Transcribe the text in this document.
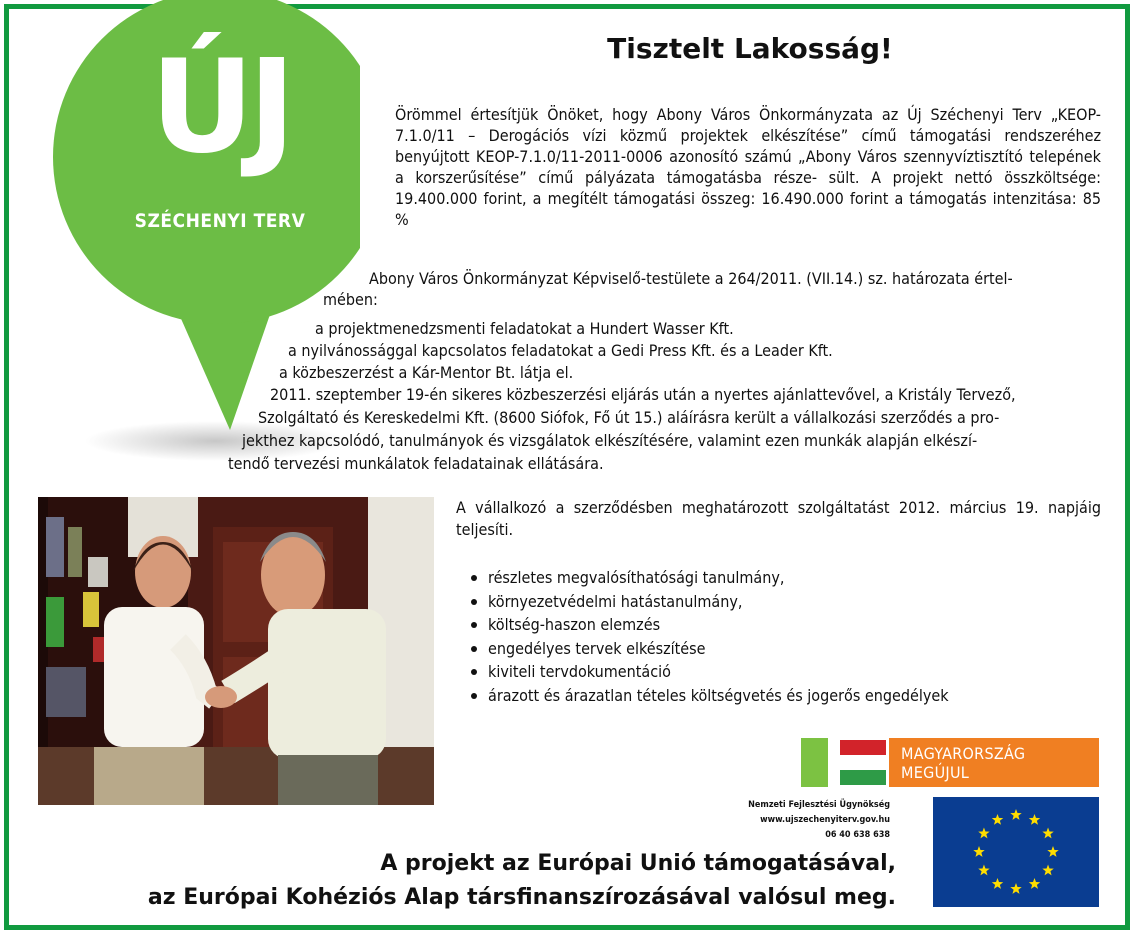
ÚJ
SZÉCHENYI TERV
Tisztelt Lakosság!
Örömmel értesítjük Önöket, hogy Abony Város Önkormányzata az Új Széchenyi Terv „KEOP-7.1.0/11 – Derogációs vízi közmű projektek elkészítése” című támogatási rendszeréhez benyújtott KEOP-7.1.0/11-2011-0006 azonosító számú „Abony Város szennyvíztisztító telepének a korszerűsítése” című pályázata támogatásba része- sült. A projekt nettó összköltsége: 19.400.000 forint, a megítélt támogatási összeg: 16.490.000 forint a támogatás intenzitása: 85 %
Abony Város Önkormányzat Képviselő-testülete a 264/2011. (VII.14.) sz. határozata értel-
mében:
a projektmenedzsmenti feladatokat a Hundert Wasser Kft.
a nyilvánossággal kapcsolatos feladatokat a Gedi Press Kft. és a Leader Kft.
a közbeszerzést a Kár-Mentor Bt. látja el.
2011. szeptember 19-én sikeres közbeszerzési eljárás után a nyertes ajánlattevővel, a Kristály Tervező,
Szolgáltató és Kereskedelmi Kft. (8600 Siófok, Fő út 15.) aláírásra került a vállalkozási szerződés a pro-
jekthez kapcsolódó, tanulmányok és vizsgálatok elkészítésére, valamint ezen munkák alapján elkészí-
tendő tervezési munkálatok feladatainak ellátására.
A vállalkozó a szerződésben meghatározott szolgáltatást 2012. március 19. napjáig teljesíti.
részletes megvalósíthatósági tanulmány,
környezetvédelmi hatástanulmány,
költség-haszon elemzés
engedélyes tervek elkészítése
kiviteli tervdokumentáció
árazott és árazatlan tételes költségvetés és jogerős engedélyek
MAGYARORSZÁG MEGÚJUL
Nemzeti Fejlesztési Ügynökség
www.ujszechenyiterv.gov.hu
06 40 638 638
A projekt az Európai Unió támogatásával,
az Európai Kohéziós Alap társfinanszírozásával valósul meg.
